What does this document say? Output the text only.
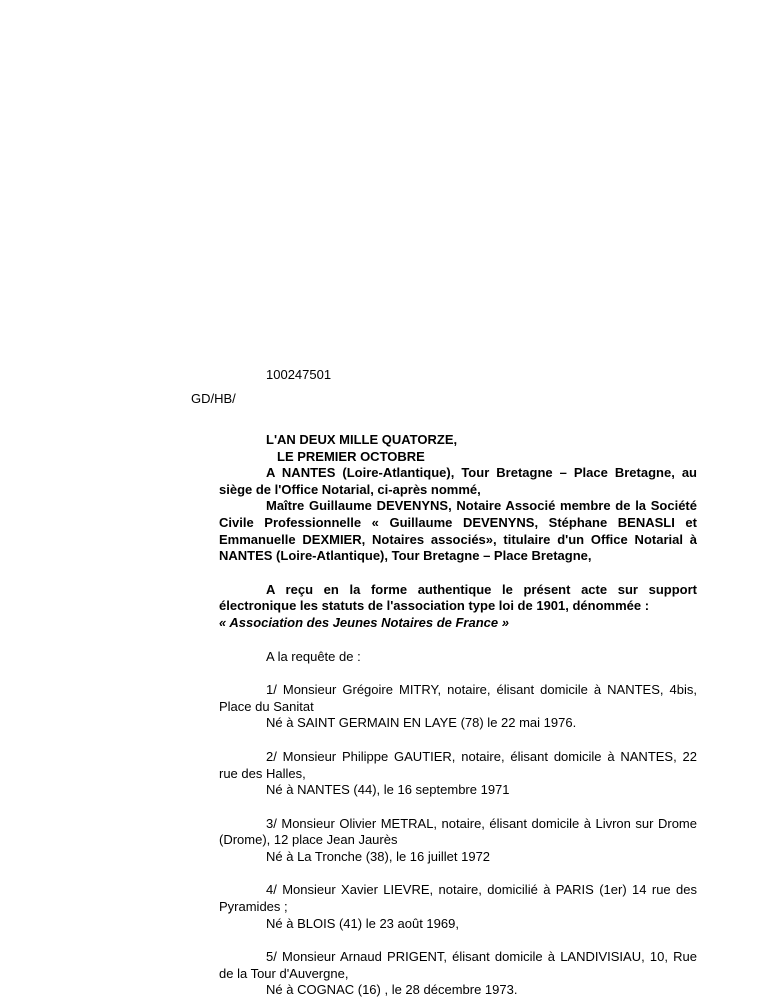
100247501
GD/HB/

L'AN DEUX MILLE QUATORZE,

LE PREMIER OCTOBRE

A NANTES (Loire-Atlantique), Tour Bretagne – Place Bretagne, au siège de l'Office Notarial, ci-après nommé,

Maître Guillaume DEVENYNS, Notaire Associé membre de la Société Civile Professionnelle « Guillaume DEVENYNS, Stéphane BENASLI et Emmanuelle DEXMIER, Notaires associés», titulaire d'un Office Notarial à NANTES (Loire-Atlantique), Tour Bretagne – Place Bretagne,

A reçu en la forme authentique le présent acte sur support électronique les statuts de l'association type loi de 1901, dénommée :
« Association des Jeunes Notaires de France »

A la requête de :

1/ Monsieur Grégoire MITRY, notaire, élisant domicile à NANTES, 4bis, Place du Sanitat

Né à SAINT GERMAIN EN LAYE (78) le 22 mai 1976.

2/ Monsieur Philippe GAUTIER, notaire, élisant domicile à NANTES, 22 rue des Halles,

Né à NANTES (44), le 16 septembre 1971

3/ Monsieur Olivier METRAL, notaire, élisant domicile à Livron sur Drome (Drome), 12 place Jean Jaurès

Né à La Tronche (38), le 16 juillet 1972

4/ Monsieur Xavier LIEVRE, notaire, domicilié à PARIS (1er) 14 rue des Pyramides ;

Né à BLOIS (41) le 23 août 1969,

5/ Monsieur Arnaud PRIGENT, élisant domicile à LANDIVISIAU, 10, Rue de la Tour d'Auvergne,

Né à COGNAC (16) , le 28 décembre 1973.
